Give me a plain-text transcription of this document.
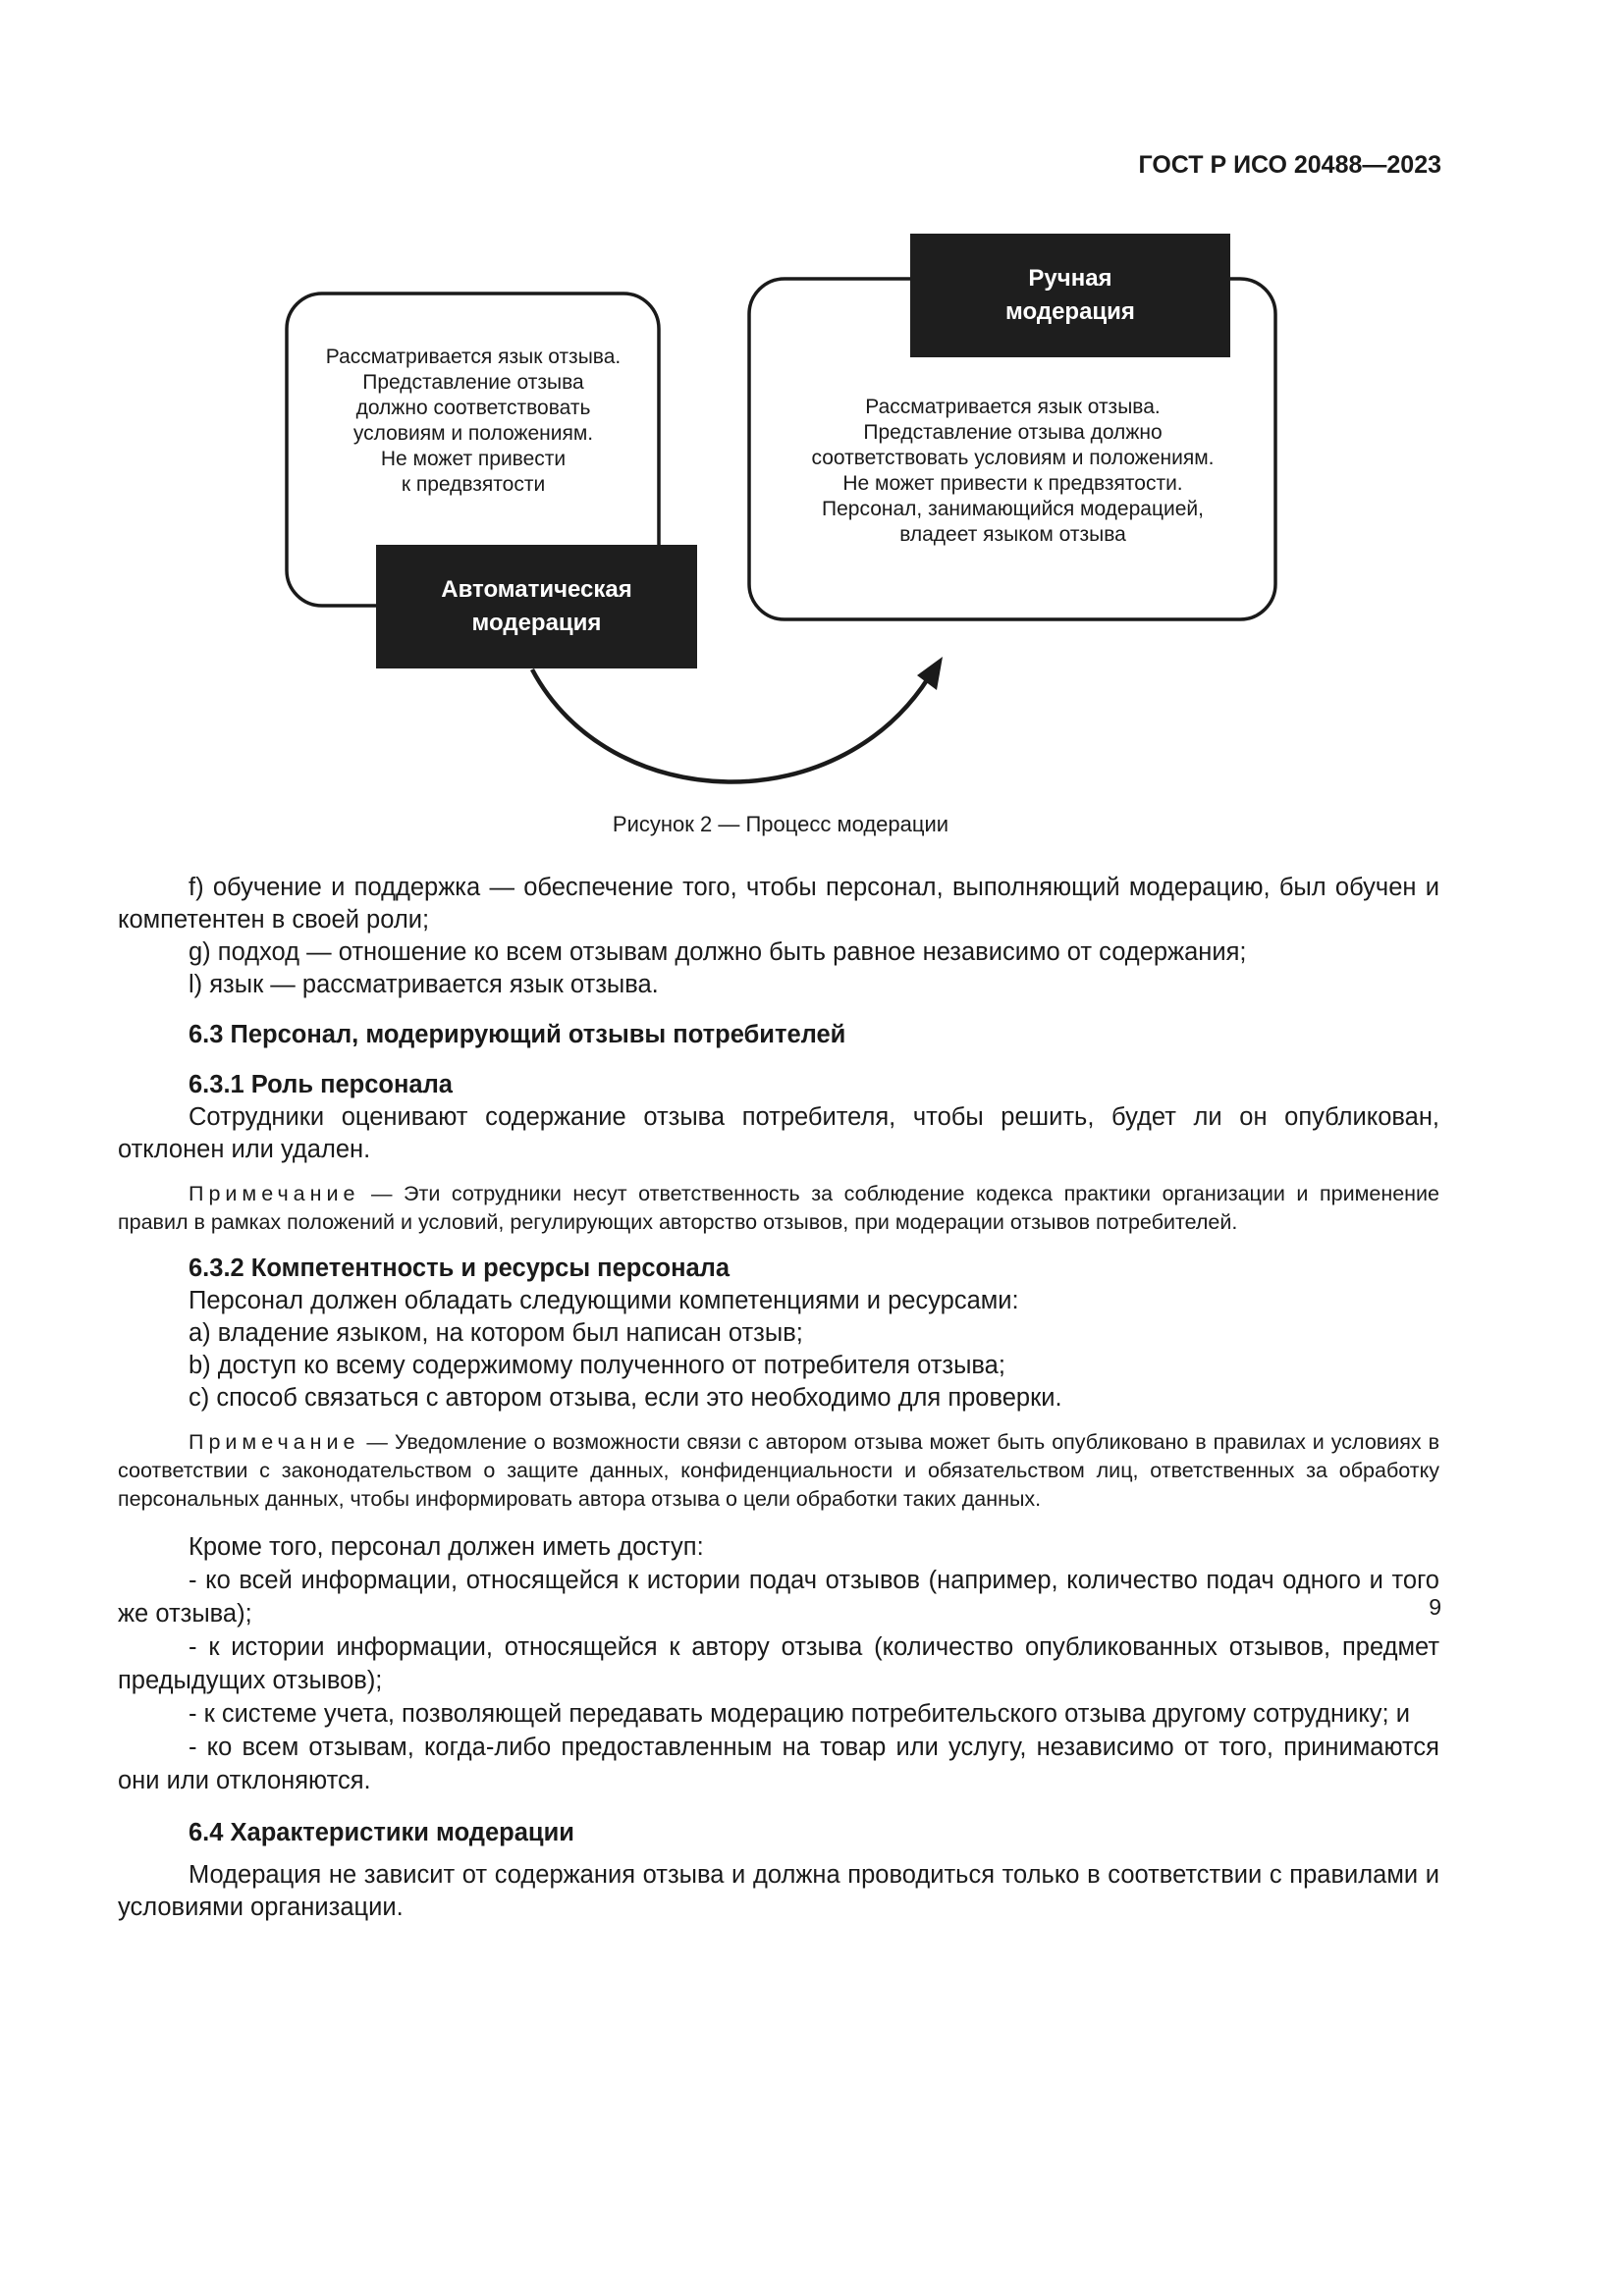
ГОСТ Р ИСО 20488—2023
Рассматривается язык отзыва.
Представление отзыва
должно соответствовать
условиям и положениям.
Не может привести
к предвзятости
Рассматривается язык отзыва.
Представление отзыва должно
соответствовать условиям и положениям.
Не может привести к предвзятости.
Персонал, занимающийся модерацией,
владеет языком отзыва
Автоматическая
модерация
Ручная
модерация
Рисунок 2 — Процесс модерации

f) обучение и поддержка — обеспечение того, чтобы персонал, выполняющий модерацию, был обучен и компетентен в своей роли;

g) подход — отношение ко всем отзывам должно быть равное независимо от содержания;

l) язык — рассматривается язык отзыва.

6.3 Персонал, модерирующий отзывы потребителей

6.3.1 Роль персонала

Сотрудники оценивают содержание отзыва потребителя, чтобы решить, будет ли он опубликован, отклонен или удален.

Примечание — Эти сотрудники несут ответственность за соблюдение кодекса практики организации и применение правил в рамках положений и условий, регулирующих авторство отзывов, при модерации отзывов потребителей.

6.3.2 Компетентность и ресурсы персонала

Персонал должен обладать следующими компетенциями и ресурсами:

a) владение языком, на котором был написан отзыв;

b) доступ ко всему содержимому полученного от потребителя отзыва;

c) способ связаться с автором отзыва, если это необходимо для проверки.

Примечание — Уведомление о возможности связи с автором отзыва может быть опубликовано в правилах и условиях в соответствии с законодательством о защите данных, конфиденциальности и обязательством лиц, ответственных за обработку персональных данных, чтобы информировать автора отзыва о цели обработки таких данных.

Кроме того, персонал должен иметь доступ:

- ко всей информации, относящейся к истории подач отзывов (например, количество подач одного и того же отзыва);

- к истории информации, относящейся к автору отзыва (количество опубликованных отзывов, предмет предыдущих отзывов);

- к системе учета, позволяющей передавать модерацию потребительского отзыва другому сотруднику; и

- ко всем отзывам, когда-либо предоставленным на товар или услугу, независимо от того, принимаются они или отклоняются.

6.4 Характеристики модерации

Модерация не зависит от содержания отзыва и должна проводиться только в соответствии с правилами и условиями организации.

9
